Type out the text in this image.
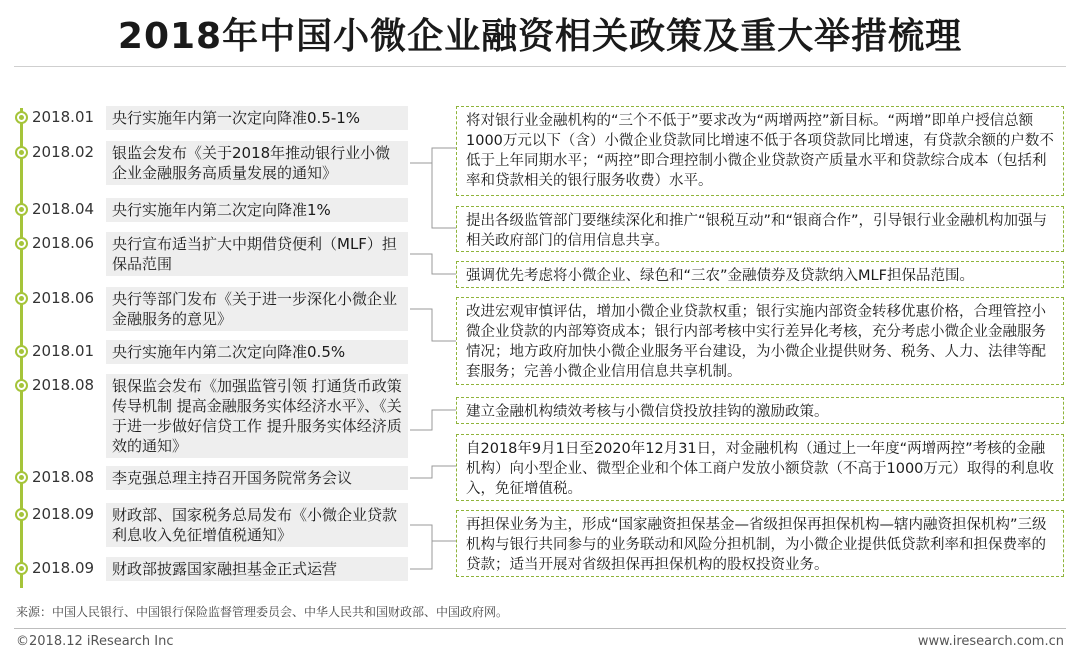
2018年中国小微企业融资相关政策及重大举措梳理
2018.01	央行实施年内第一次定向降准0.5-1%
2018.02	银监会发布《关于2018年推动银行业小微企业金融服务高质量发展的通知》
2018.04	央行实施年内第二次定向降准1%
2018.06	央行宣布适当扩大中期借贷便利（MLF）担保品范围
2018.06	央行等部门发布《关于进一步深化小微企业金融服务的意见》
2018.01	央行实施年内第二次定向降准0.5%
2018.08	银保监会发布《加强监管引领 打通货币政策传导机制 提高金融服务实体经济水平》、《关于进一步做好信贷工作 提升服务实体经济质效的通知》
2018.08	李克强总理主持召开国务院常务会议
2018.09	财政部、国家税务总局发布《小微企业贷款利息收入免征增值税通知》
2018.09	财政部披露国家融担基金正式运营
将对银行业金融机构的“三个不低于”要求改为“两增两控”新目标。“两增”即单户授信总额1000万元以下（含）小微企业贷款同比增速不低于各项贷款同比增速，有贷款余额的户数不低于上年同期水平；“两控”即合理控制小微企业贷款资产质量水平和贷款综合成本（包括利率和贷款相关的银行服务收费）水平。
提出各级监管部门要继续深化和推广“银税互动”和“银商合作”，引导银行业金融机构加强与相关政府部门的信用信息共享。
强调优先考虑将小微企业、绿色和“三农”金融债券及贷款纳入MLF担保品范围。
改进宏观审慎评估，增加小微企业贷款权重；银行实施内部资金转移优惠价格，合理管控小微企业贷款的内部筹资成本；银行内部考核中实行差异化考核，充分考虑小微企业金融服务情况；地方政府加快小微企业服务平台建设，为小微企业提供财务、税务、人力、法律等配套服务；完善小微企业信用信息共享机制。
建立金融机构绩效考核与小微信贷投放挂钩的激励政策。
自2018年9月1日至2020年12月31日，对金融机构（通过上一年度“两增两控”考核的金融机构）向小型企业、微型企业和个体工商户发放小额贷款（不高于1000万元）取得的利息收入，免征增值税。
再担保业务为主，形成“国家融资担保基金—省级担保再担保机构—辖内融资担保机构”三级机构与银行共同参与的业务联动和风险分担机制，为小微企业提供低贷款利率和担保费率的贷款；适当开展对省级担保再担保机构的股权投资业务。
来源：中国人民银行、中国银行保险监督管理委员会、中华人民共和国财政部、中国政府网。
©2018.12 iResearch Inc	www.iresearch.com.cn
